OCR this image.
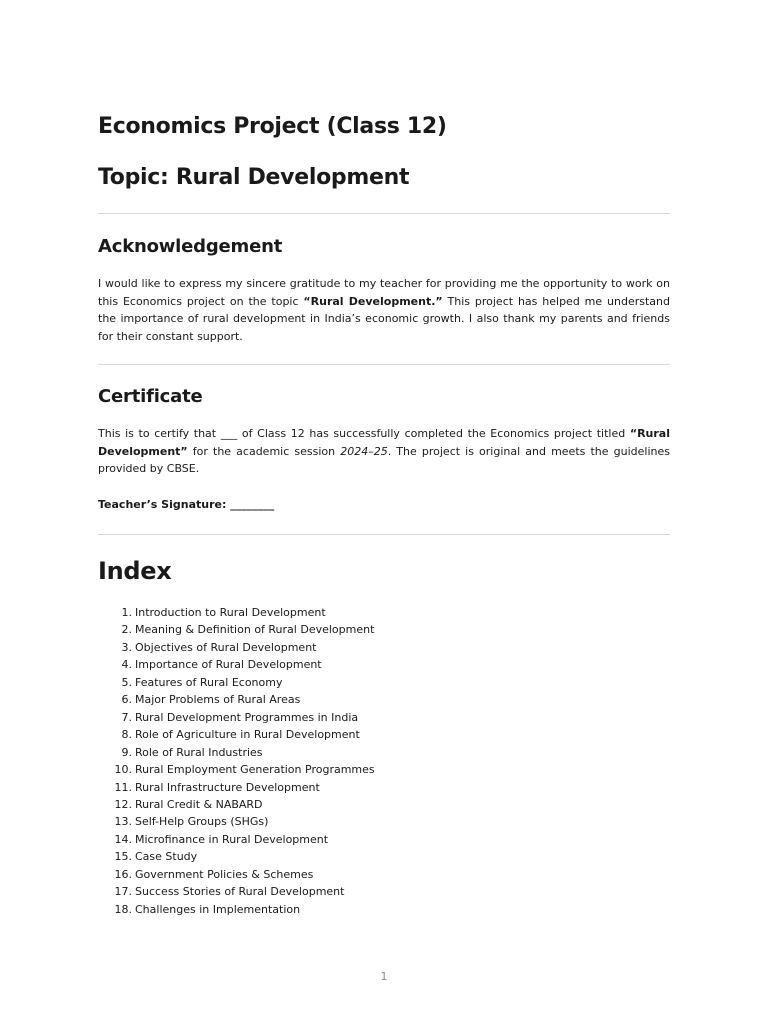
Economics Project (Class 12)
Topic: Rural Development
Acknowledgement

I would like to express my sincere gratitude to my teacher for providing me the opportunity to work on this Economics project on the topic “Rural Development.” This project has helped me understand the importance of rural development in India’s economic growth. I also thank my parents and friends for their constant support.

Certificate

This is to certify that ___ of Class 12 has successfully completed the Economics project titled “Rural Development” for the academic session 2024–25. The project is original and meets the guidelines provided by CBSE.

Teacher’s Signature: ________

Index
1. Introduction to Rural Development
2. Meaning & Definition of Rural Development
3. Objectives of Rural Development
4. Importance of Rural Development
5. Features of Rural Economy
6. Major Problems of Rural Areas
7. Rural Development Programmes in India
8. Role of Agriculture in Rural Development
9. Role of Rural Industries
10. Rural Employment Generation Programmes
11. Rural Infrastructure Development
12. Rural Credit & NABARD
13. Self-Help Groups (SHGs)
14. Microfinance in Rural Development
15. Case Study
16. Government Policies & Schemes
17. Success Stories of Rural Development
18. Challenges in Implementation
1
